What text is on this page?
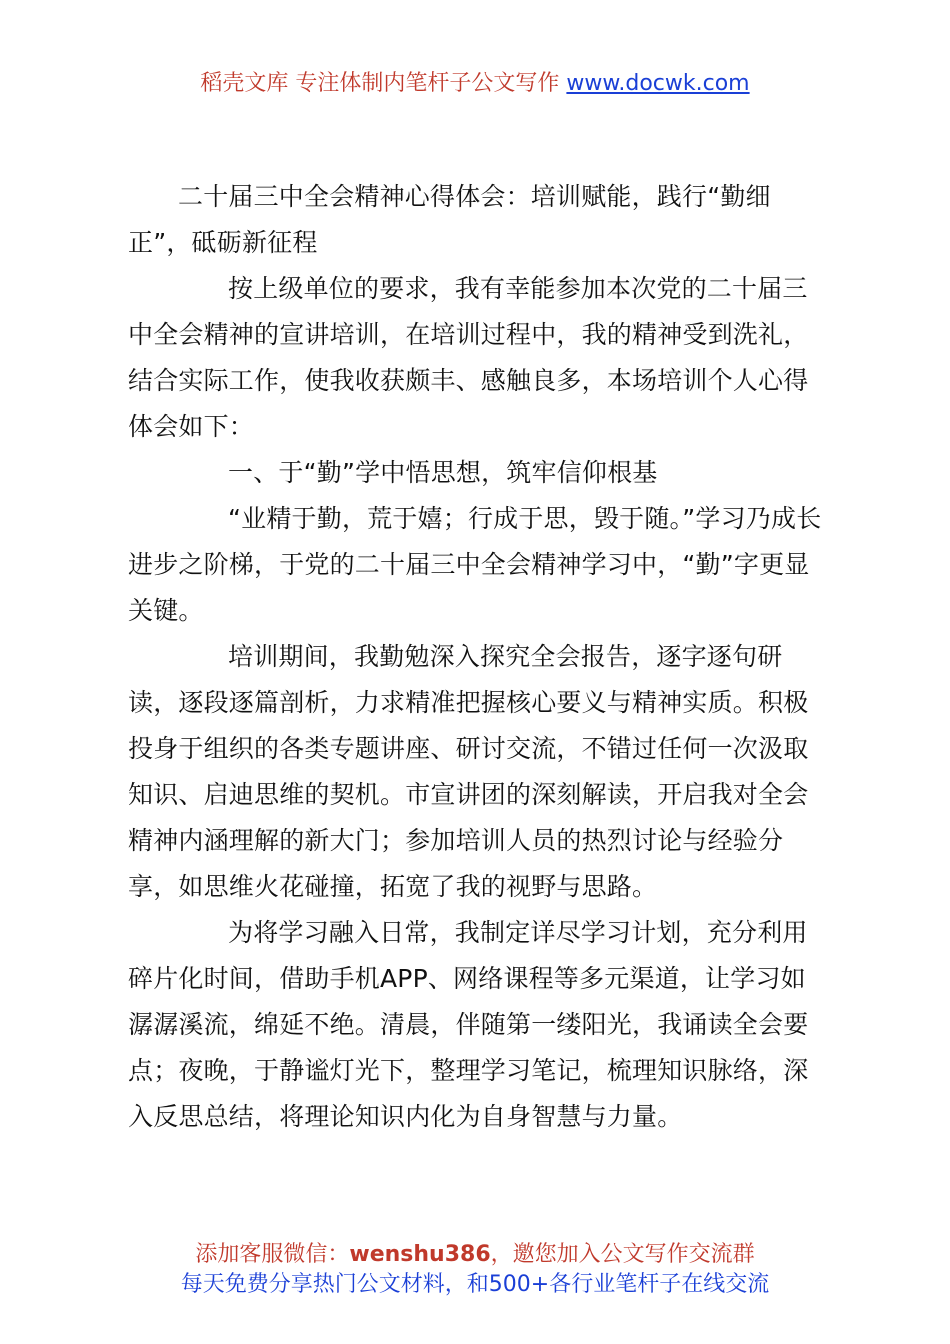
稻壳文库 专注体制内笔杆子公文写作 www.docwk.com

二十届三中全会精神心得体会：培训赋能，践行“勤细正”，砥砺新征程

按上级单位的要求，我有幸能参加本次党的二十届三中全会精神的宣讲培训，在培训过程中，我的精神受到洗礼，结合实际工作，使我收获颇丰、感触良多，本场培训个人心得体会如下：

一、于“勤”学中悟思想，筑牢信仰根基

“业精于勤，荒于嬉；行成于思，毁于随。”学习乃成长进步之阶梯，于党的二十届三中全会精神学习中，“勤”字更显关键。

培训期间，我勤勉深入探究全会报告，逐字逐句研读，逐段逐篇剖析，力求精准把握核心要义与精神实质。积极投身于组织的各类专题讲座、研讨交流，不错过任何一次汲取知识、启迪思维的契机。市宣讲团的深刻解读，开启我对全会精神内涵理解的新大门；参加培训人员的热烈讨论与经验分享，如思维火花碰撞，拓宽了我的视野与思路。

为将学习融入日常，我制定详尽学习计划，充分利用碎片化时间，借助手机APP、网络课程等多元渠道，让学习如潺潺溪流，绵延不绝。清晨，伴随第一缕阳光，我诵读全会要点；夜晚，于静谧灯光下，整理学习笔记，梳理知识脉络，深入反思总结，将理论知识内化为自身智慧与力量。

添加客服微信：wenshu386，邀您加入公文写作交流群
每天免费分享热门公文材料，和500+各行业笔杆子在线交流
